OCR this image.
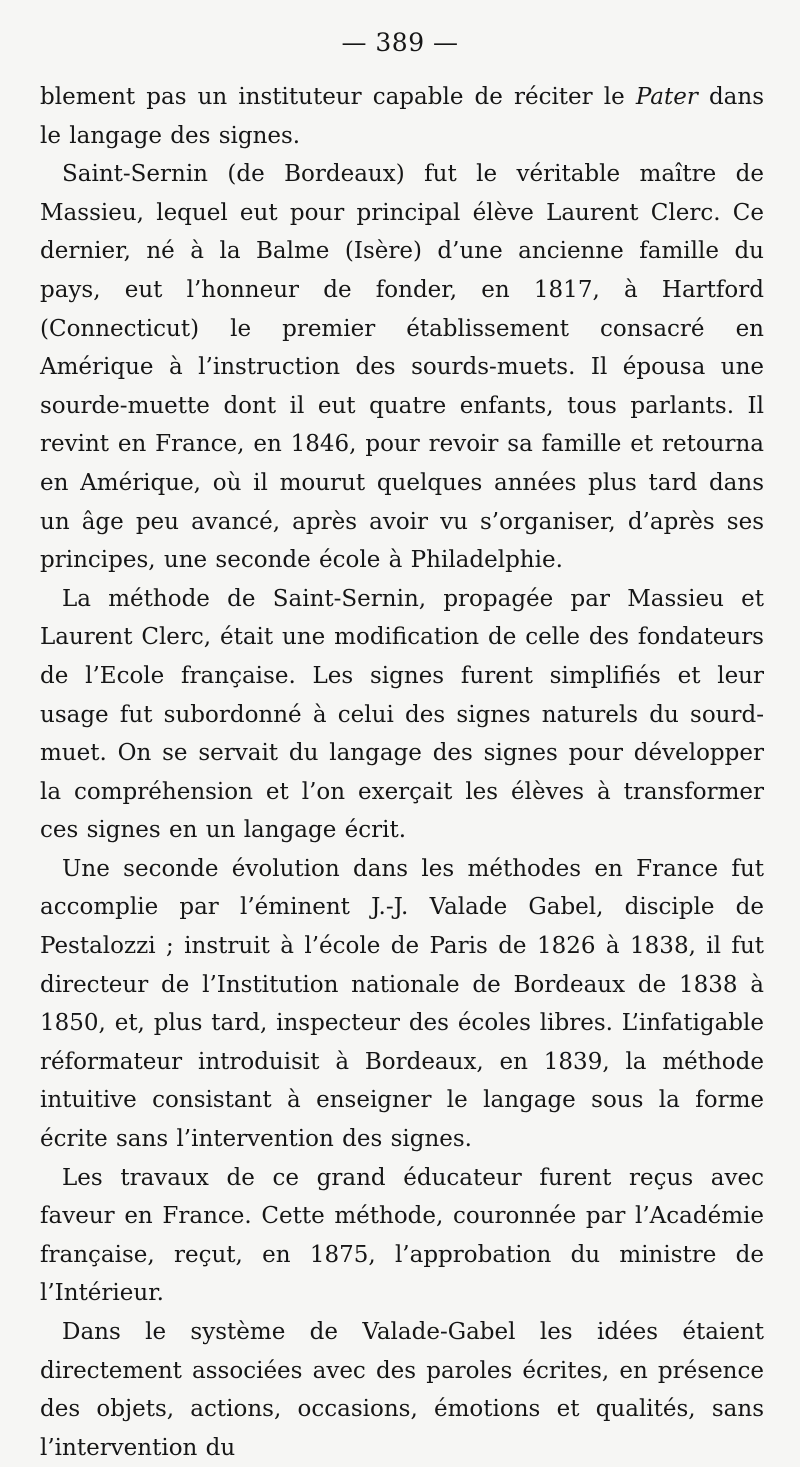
— 389 —

blement pas un instituteur capable de réciter le Pater dans le langage des signes.

Saint-Sernin (de Bordeaux) fut le véritable maître de Massieu, lequel eut pour principal élève Laurent Clerc. Ce dernier, né à la Balme (Isère) d’une ancienne famille du pays, eut l’honneur de fonder, en 1817, à Hartford (Connecticut) le premier établissement consacré en Amérique à l’instruction des sourds-muets. Il épousa une sourde-muette dont il eut quatre enfants, tous parlants. Il revint en France, en 1846, pour revoir sa famille et retourna en Amérique, où il mourut quelques années plus tard dans un âge peu avancé, après avoir vu s’organiser, d’après ses principes, une seconde école à Philadelphie.

La méthode de Saint-Sernin, propagée par Massieu et Laurent Clerc, était une modification de celle des fondateurs de l’Ecole française. Les signes furent simplifiés et leur usage fut subordonné à celui des signes naturels du sourd-muet. On se servait du langage des signes pour développer la compréhension et l’on exerçait les élèves à transformer ces signes en un langage écrit.

Une seconde évolution dans les méthodes en France fut accomplie par l’éminent J.-J. Valade Gabel, disciple de Pestalozzi ; instruit à l’école de Paris de 1826 à 1838, il fut directeur de l’Institution nationale de Bordeaux de 1838 à 1850, et, plus tard, inspecteur des écoles libres. L’infatigable réformateur introduisit à Bordeaux, en 1839, la méthode intuitive consistant à enseigner le langage sous la forme écrite sans l’intervention des signes.

Les travaux de ce grand éducateur furent reçus avec faveur en France. Cette méthode, couronnée par l’Académie française, reçut, en 1875, l’approbation du ministre de l’Intérieur.

Dans le système de Valade-Gabel les idées étaient directement associées avec des paroles écrites, en présence des objets, actions, occasions, émotions et qualités, sans l’intervention du
